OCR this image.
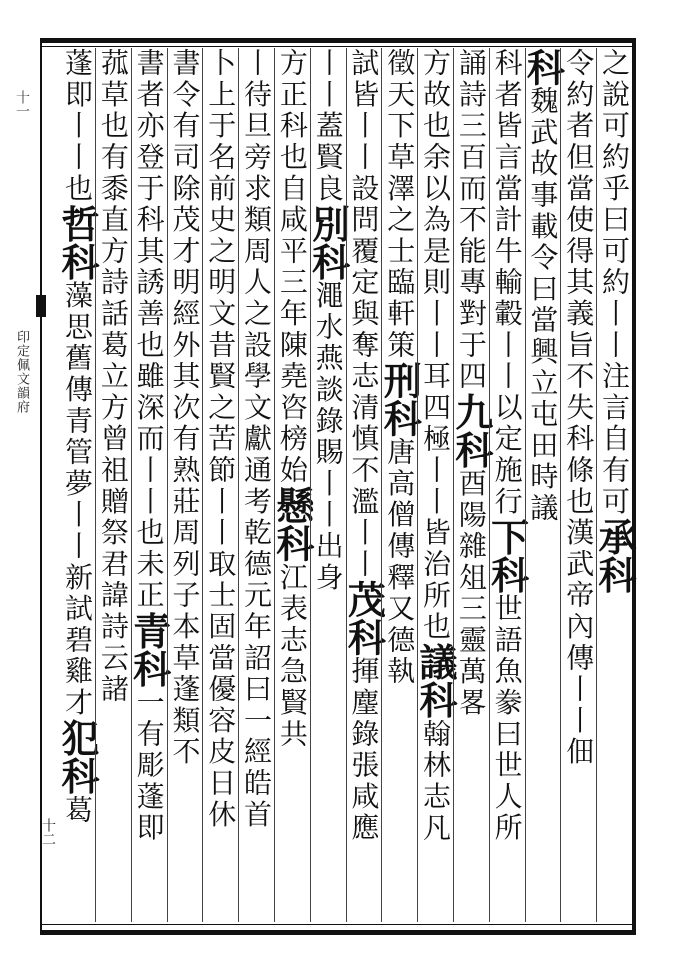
十一
印定佩文韻府
十二
之說可約乎曰可約丨丨注言自有可承科
令約者但當使得其義旨不失科條也漢武帝內傳丨丨佃
科魏武故事載令曰當興立屯田時議
科者皆言當計牛輸轂丨丨以定施行下科世語魚豢曰世人所
誦詩三百而不能專對于四九科酉陽雜俎三靈萬畧
方故也余以為是則丨丨耳四極丨丨皆治所也議科翰林志凡
徵天下草澤之士臨軒策刑科唐高僧傳釋又德執
試皆丨丨設問覆定與奪志清慎不濫丨丨茂科揮麈錄張咸應
丨丨蓋賢良別科澠水燕談錄賜丨丨出身
方正科也自咸平三年陳堯咨榜始懸科江表志急賢共
丨待旦旁求類周人之設學文獻通考乾德元年詔曰一經皓首
卜上于名前史之明文昔賢之苦節丨丨取士固當優容皮日休
書令有司除茂才明經外其次有熟莊周列子本草蓬類不
書者亦登于科其誘善也雖深而丨丨也未正青科一有彫蓬即
菰草也有黍直方詩話葛立方曾祖贈祭君諱詩云諸
蓬即丨丨也哲科藻思舊傳青管夢丨丨新試碧雞才犯科葛
